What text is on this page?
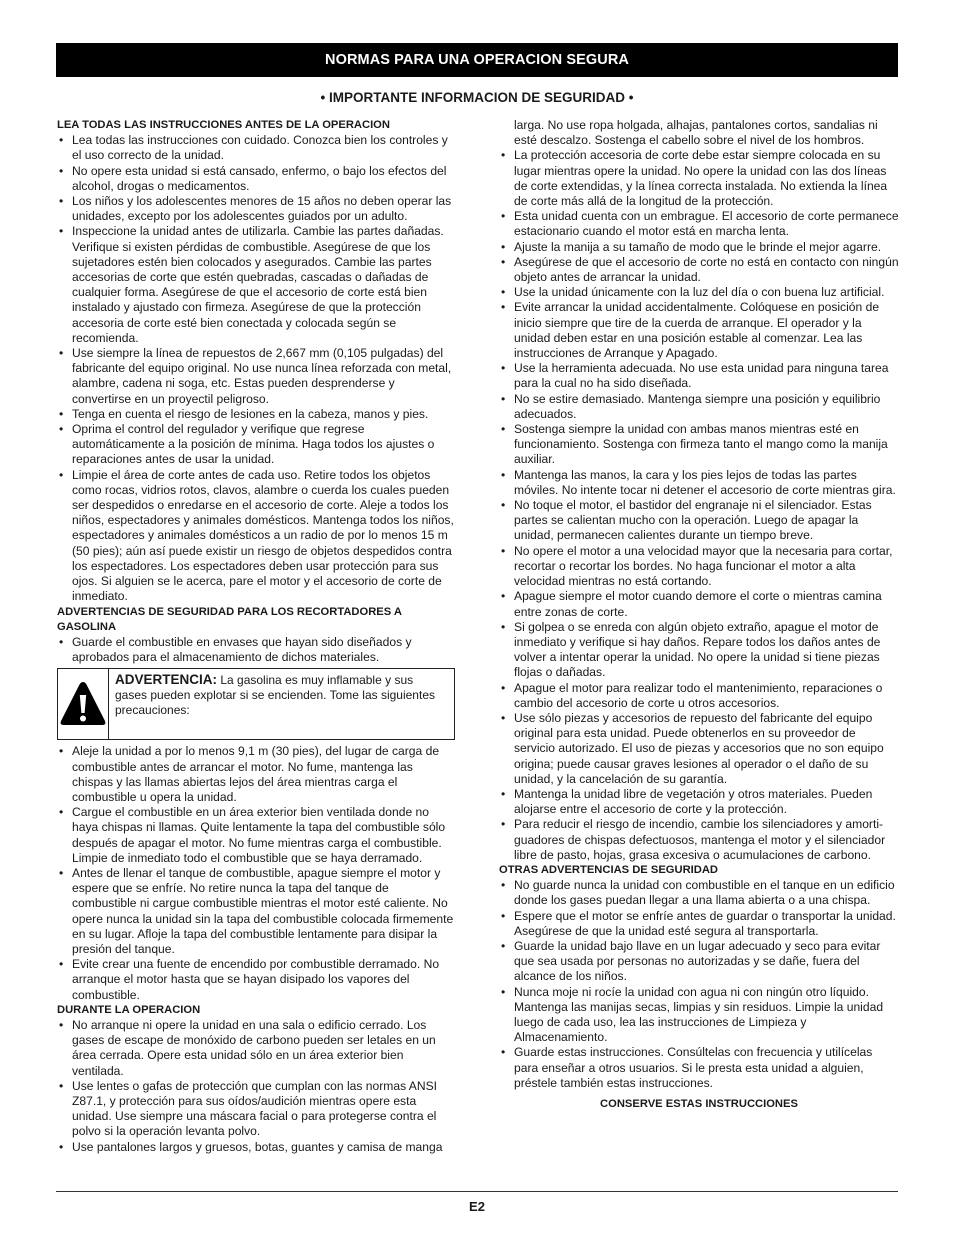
NORMAS PARA UNA OPERACION SEGURA
• IMPORTANTE INFORMACION DE SEGURIDAD •
LEA TODAS LAS INSTRUCCIONES ANTES DE LA OPERACION
• Lea todas las instrucciones con cuidado. Conozca bien los controles y el uso correcto de la unidad.
• No opere esta unidad si está cansado, enfermo, o bajo los efectos del alcohol, drogas o medicamentos.
• Los niños y los adolescentes menores de 15 años no deben operar las unidades, excepto por los adolescentes guiados por un adulto.
• Inspeccione la unidad antes de utilizarla. Cambie las partes dañadas. Verifique si existen pérdidas de combustible. Asegúrese de que los sujetadores estén bien colocados y asegurados. Cambie las partes accesorias de corte que estén quebradas, cascadas o dañadas de cualquier forma. Asegúrese de que el accesorio de corte está bien instalado y ajustado con firmeza. Asegúrese de que la protección accesoria de corte esté bien conectada y colocada según se recomienda.
• Use siempre la línea de repuestos de 2,667 mm (0,105 pulgadas) del fabricante del equipo original. No use nunca línea reforzada con metal, alambre, cadena ni soga, etc. Estas pueden desprenderse y convertirse en un proyectil peligroso.
• Tenga en cuenta el riesgo de lesiones en la cabeza, manos y pies.
• Oprima el control del regulador y verifique que regrese automáticamente a la posición de mínima. Haga todos los ajustes o reparaciones antes de usar la unidad.
• Limpie el área de corte antes de cada uso. Retire todos los objetos como rocas, vidrios rotos, clavos, alambre o cuerda los cuales pueden ser despedidos o enredarse en el accesorio de corte. Aleje a todos los niños, espectadores y animales domésticos. Mantenga todos los niños, espectadores y animales domésticos a un radio de por lo menos 15 m (50 pies); aún así puede existir un riesgo de objetos despedidos contra los espectadores. Los espectadores deben usar protección para sus ojos. Si alguien se le acerca, pare el motor y el accesorio de corte de inmediato.
ADVERTENCIAS DE SEGURIDAD PARA LOS RECORTADORES A GASOLINA
• Guarde el combustible en envases que hayan sido diseñados y aprobados para el almacenamiento de dichos materiales.
ADVERTENCIA: La gasolina es muy inflamable y sus gases pueden explotar si se encienden. Tome las siguientes precauciones:
• Aleje la unidad a por lo menos 9,1 m (30 pies), del lugar de carga de combustible antes de arrancar el motor. No fume, mantenga las chispas y las llamas abiertas lejos del área mientras carga el combustible u opera la unidad.
• Cargue el combustible en un área exterior bien ventilada donde no haya chispas ni llamas. Quite lentamente la tapa del combustible sólo después de apagar el motor. No fume mientras carga el combustible. Limpie de inmediato todo el combustible que se haya derramado.
• Antes de llenar el tanque de combustible, apague siempre el motor y espere que se enfríe. No retire nunca la tapa del tanque de combustible ni cargue combustible mientras el motor esté caliente. No opere nunca la unidad sin la tapa del combustible colocada firmemente en su lugar. Afloje la tapa del combustible lentamente para disipar la presión del tanque.
• Evite crear una fuente de encendido por combustible derramado. No arranque el motor hasta que se hayan disipado los vapores del combustible.
DURANTE LA OPERACION
• No arranque ni opere la unidad en una sala o edificio cerrado. Los gases de escape de monóxido de carbono pueden ser letales en un área cerrada. Opere esta unidad sólo en un área exterior bien ventilada.
• Use lentes o gafas de protección que cumplan con las normas ANSI Z87.1, y protección para sus oídos/audición mientras opere esta unidad. Use siempre una máscara facial o para protegerse contra el polvo si la operación levanta polvo.
• Use pantalones largos y gruesos, botas, guantes y camisa de manga
larga. No use ropa holgada, alhajas, pantalones cortos, sandalias ni esté descalzo. Sostenga el cabello sobre el nivel de los hombros.
• La protección accesoria de corte debe estar siempre colocada en su lugar mientras opere la unidad. No opere la unidad con las dos líneas de corte extendidas, y la línea correcta instalada. No extienda la línea de corte más allá de la longitud de la protección.
• Esta unidad cuenta con un embrague. El accesorio de corte permanece estacionario cuando el motor está en marcha lenta.
• Ajuste la manija a su tamaño de modo que le brinde el mejor agarre.
• Asegúrese de que el accesorio de corte no está en contacto con ningún objeto antes de arrancar la unidad.
• Use la unidad únicamente con la luz del día o con buena luz artificial.
• Evite arrancar la unidad accidentalmente. Colóquese en posición de inicio siempre que tire de la cuerda de arranque. El operador y la unidad deben estar en una posición estable al comenzar. Lea las instrucciones de Arranque y Apagado.
• Use la herramienta adecuada. No use esta unidad para ninguna tarea para la cual no ha sido diseñada.
• No se estire demasiado. Mantenga siempre una posición y equilibrio adecuados.
• Sostenga siempre la unidad con ambas manos mientras esté en funcionamiento. Sostenga con firmeza tanto el mango como la manija auxiliar.
• Mantenga las manos, la cara y los pies lejos de todas las partes móviles. No intente tocar ni detener el accesorio de corte mientras gira.
• No toque el motor, el bastidor del engranaje ni el silenciador. Estas partes se calientan mucho con la operación. Luego de apagar la unidad, permanecen calientes durante un tiempo breve.
• No opere el motor a una velocidad mayor que la necesaria para cortar, recortar o recortar los bordes. No haga funcionar el motor a alta velocidad mientras no está cortando.
• Apague siempre el motor cuando demore el corte o mientras camina entre zonas de corte.
• Si golpea o se enreda con algún objeto extraño, apague el motor de inmediato y verifique si hay daños. Repare todos los daños antes de volver a intentar operar la unidad. No opere la unidad si tiene piezas flojas o dañadas.
• Apague el motor para realizar todo el mantenimiento, reparaciones o cambio del accesorio de corte u otros accesorios.
• Use sólo piezas y accesorios de repuesto del fabricante del equipo original para esta unidad. Puede obtenerlos en su proveedor de servicio autorizado. El uso de piezas y accesorios que no son equipo origina; puede causar graves lesiones al operador o el daño de su unidad, y la cancelación de su garantía.
• Mantenga la unidad libre de vegetación y otros materiales. Pueden alojarse entre el accesorio de corte y la protección.
• Para reducir el riesgo de incendio, cambie los silenciadores y amorti-guadores de chispas defectuosos, mantenga el motor y el silenciador libre de pasto, hojas, grasa excesiva o acumulaciones de carbono.
OTRAS ADVERTENCIAS DE SEGURIDAD
• No guarde nunca la unidad con combustible en el tanque en un edificio donde los gases puedan llegar a una llama abierta o a una chispa.
• Espere que el motor se enfríe antes de guardar o transportar la unidad. Asegúrese de que la unidad esté segura al transportarla.
• Guarde la unidad bajo llave en un lugar adecuado y seco para evitar que sea usada por personas no autorizadas y se dañe, fuera del alcance de los niños.
• Nunca moje ni rocíe la unidad con agua ni con ningún otro líquido. Mantenga las manijas secas, limpias y sin residuos. Limpie la unidad luego de cada uso, lea las instrucciones de Limpieza y Almacenamiento.
• Guarde estas instrucciones. Consúltelas con frecuencia y utilícelas para enseñar a otros usuarios. Si le presta esta unidad a alguien, préstele también estas instrucciones.
CONSERVE ESTAS INSTRUCCIONES
E2
